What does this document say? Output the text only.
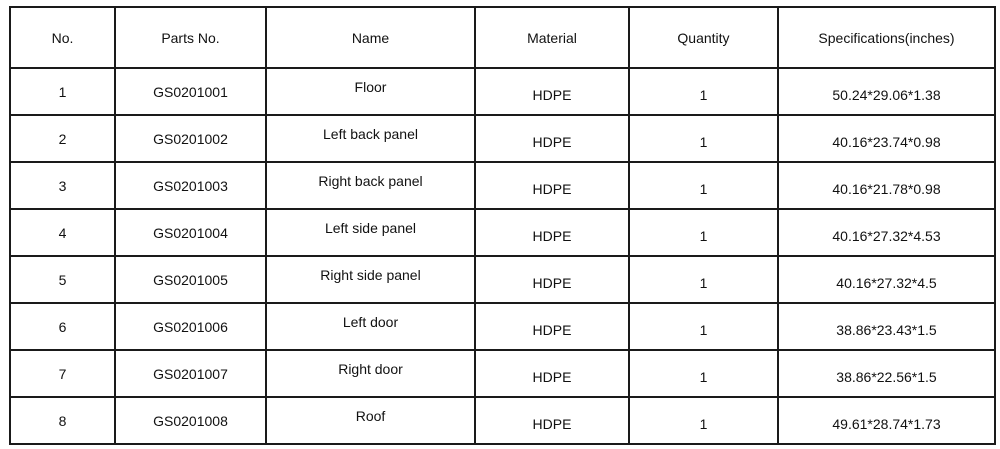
No.	Parts No.	Name	Material	Quantity	Specifications(inches)
1	GS0201001	Floor	HDPE	1	50.24*29.06*1.38
2	GS0201002	Left back panel	HDPE	1	40.16*23.74*0.98
3	GS0201003	Right back panel	HDPE	1	40.16*21.78*0.98
4	GS0201004	Left side panel	HDPE	1	40.16*27.32*4.53
5	GS0201005	Right side panel	HDPE	1	40.16*27.32*4.5
6	GS0201006	Left door	HDPE	1	38.86*23.43*1.5
7	GS0201007	Right door	HDPE	1	38.86*22.56*1.5
8	GS0201008	Roof	HDPE	1	49.61*28.74*1.73
